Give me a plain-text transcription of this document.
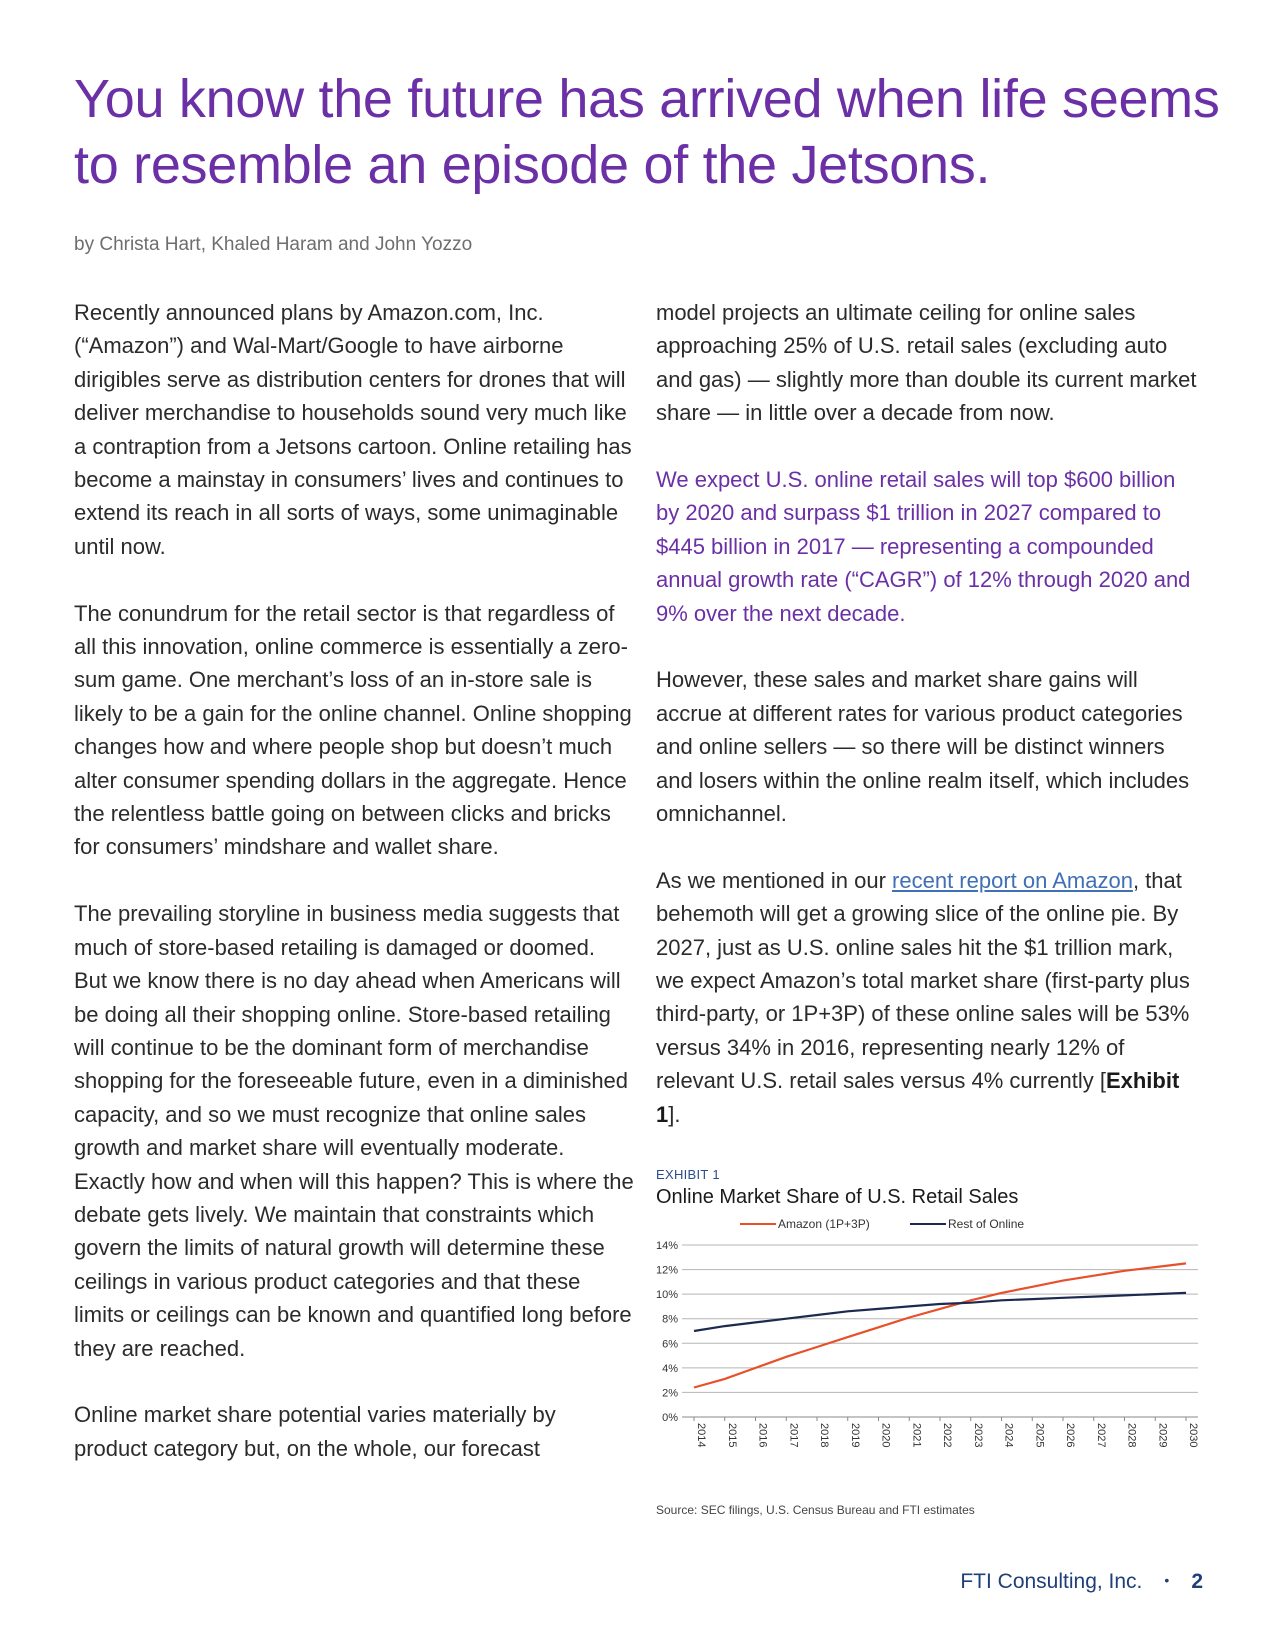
You know the future has arrived when life seems to resemble an episode of the Jetsons.
by Christa Hart, Khaled Haram and John Yozzo

Recently announced plans by Amazon.com, Inc. (“Amazon”) and Wal-Mart/Google to have airborne dirigibles serve as distribution centers for drones that will deliver merchandise to households sound very much like a contraption from a Jetsons cartoon. Online retailing has become a mainstay in consumers’ lives and continues to extend its reach in all sorts of ways, some unimaginable until now.

The conundrum for the retail sector is that regardless of all this innovation, online commerce is essentially a zero-sum game. One merchant’s loss of an in-store sale is likely to be a gain for the online channel. Online shopping changes how and where people shop but doesn’t much alter consumer spending dollars in the aggregate. Hence the relentless battle going on between clicks and bricks for consumers’ mindshare and wallet share.

The prevailing storyline in business media suggests that much of store-based retailing is damaged or doomed. But we know there is no day ahead when Americans will be doing all their shopping online. Store-based retailing will continue to be the dominant form of merchandise shopping for the foreseeable future, even in a diminished capacity, and so we must recognize that online sales growth and market share will eventually moderate. Exactly how and when will this happen? This is where the debate gets lively. We maintain that constraints which govern the limits of natural growth will determine these ceilings in various product categories and that these limits or ceilings can be known and quantified long before they are reached.

Online market share potential varies materially by product category but, on the whole, our forecast

model projects an ultimate ceiling for online sales approaching 25% of U.S. retail sales (excluding auto and gas) — slightly more than double its current market share — in little over a decade from now.

We expect U.S. online retail sales will top $600 billion by 2020 and surpass $1 trillion in 2027 compared to $445 billion in 2017 — representing a compounded annual growth rate (“CAGR”) of 12% through 2020 and 9% over the next decade.

However, these sales and market share gains will accrue at different rates for various product categories and online sellers — so there will be distinct winners and losers within the online realm itself, which includes omnichannel.

As we mentioned in our recent report on Amazon, that behemoth will get a growing slice of the online pie. By 2027, just as U.S. online sales hit the $1 trillion mark, we expect Amazon’s total market share (first-party plus third-party, or 1P+3P) of these online sales will be 53% versus 34% in 2016, representing nearly 12% of relevant U.S. retail sales versus 4% currently [Exhibit 1].

EXHIBIT 1
Online Market Share of U.S. Retail Sales
Amazon (1P+3P)	Rest of Online
0%
2%
4%
6%
8%
10%
12%
14%
2014 2015 2016 2017 2018 2019 2020 2021 2022 2023 2024 2025 2026 2027 2028 2029 2030
Source: SEC filings, U.S. Census Bureau and FTI estimates
FTI Consulting, Inc. • 2
